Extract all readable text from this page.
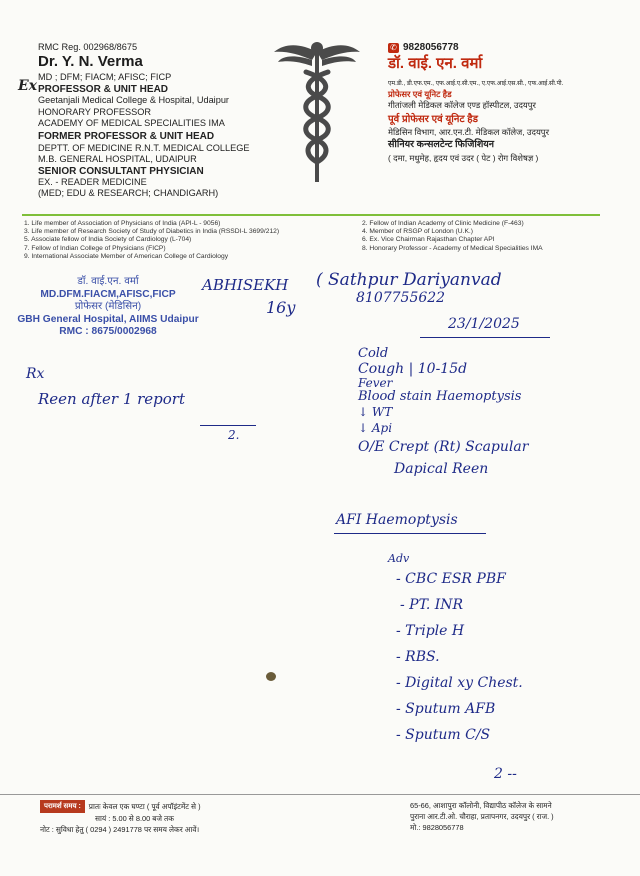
RMC Reg. 002968/8675
Dr. Y. N. Verma
MD ; DFM; FIACM; AFISC; FICP
Ex PROFESSOR & UNIT HEAD
Geetanjali Medical College & Hospital, Udaipur
HONORARY PROFESSOR
ACADEMY OF MEDICAL SPECIALITIES IMA
FORMER PROFESSOR & UNIT HEAD
DEPTT. OF MEDICINE R.N.T. MEDICAL COLLEGE
M.B. GENERAL HOSPITAL, UDAIPUR
SENIOR CONSULTANT PHYSICIAN
EX. - READER MEDICINE
(MED; EDU & RESEARCH; CHANDIGARH)
✆ 9828056778
डॉ. वाई. एन. वर्मा
एम.डी., डी.एफ.एम., एफ.आई.ए.सी.एम., ए.एफ.आई.एस.सी., एफ.आई.सी.पी.
प्रोफेसर एवं यूनिट हैड
गीतांजली मेडिकल कॉलेज एण्ड हॉस्पीटल, उदयपुर
पूर्व प्रोफेसर एवं यूनिट हैड
मेडिसिन विभाग, आर.एन.टी. मेडिकल कॉलेज, उदयपुर
सीनियर कन्सलटेन्ट फिजिशियन
( दमा, मधुमेह, हृदय एवं उदर ( पेट ) रोग विशेषज्ञ )
1. Life member of Association of Physicians of India (API-L - 9056)
3. Life member of Research Society of Study of Diabetics in India (RSSDI-L 3699/212)
5. Associate fellow of India Society of Cardiology (L-704)
7. Fellow of Indian College of Physicians (FICP)
9. International Associate Member of American College of Cardiology
2. Fellow of Indian Academy of Clinic Medicine (F-463)
4. Member of RSGP of London (U.K.)
6. Ex. Vice Chairman Rajasthan Chapter API
8. Honorary Professor - Academy of Medical Specialities IMA
डॉ. वाई.एन. वर्मा
MD.DFM.FIACM,AFISC,FICP
प्रोफेसर (मेडिसिन)
GBH General Hospital, AIIMS Udaipur
RMC : 8675/0002968
ABHISEKH ( Sathpur Dariyanvad
8107755622
16y
23/1/2025
Rx
Reen after 1 report
2.
Cold
Cough | 10-15d
Fever
Blood stain Haemoptysis
↓ WT
↓ Api
O/E Crept (Rt) Scapular
Dapical Reen
AFI Haemoptysis
Adv
- CBC ESR PBF
- PT. INR
- Triple H
- RBS.
- Digital xy Chest.
- Sputum AFB
- Sputum C/S
2 --
परामर्श समय :	प्रातः केवल एक घण्टा ( पूर्व अपॉइंटमेंट से )
सायं : 5.00 से 8.00 बजे तक
नोट : सुविधा हेतु ( 0294 ) 2491778 पर समय लेकर आवें।
65-66, आशापुरा कॉलोनी, विद्यापीठ कॉलेज के सामने
पुराना आर.टी.ओ. चौराहा, प्रतापनगर, उदयपुर ( राज. )
मो.: 9828056778
